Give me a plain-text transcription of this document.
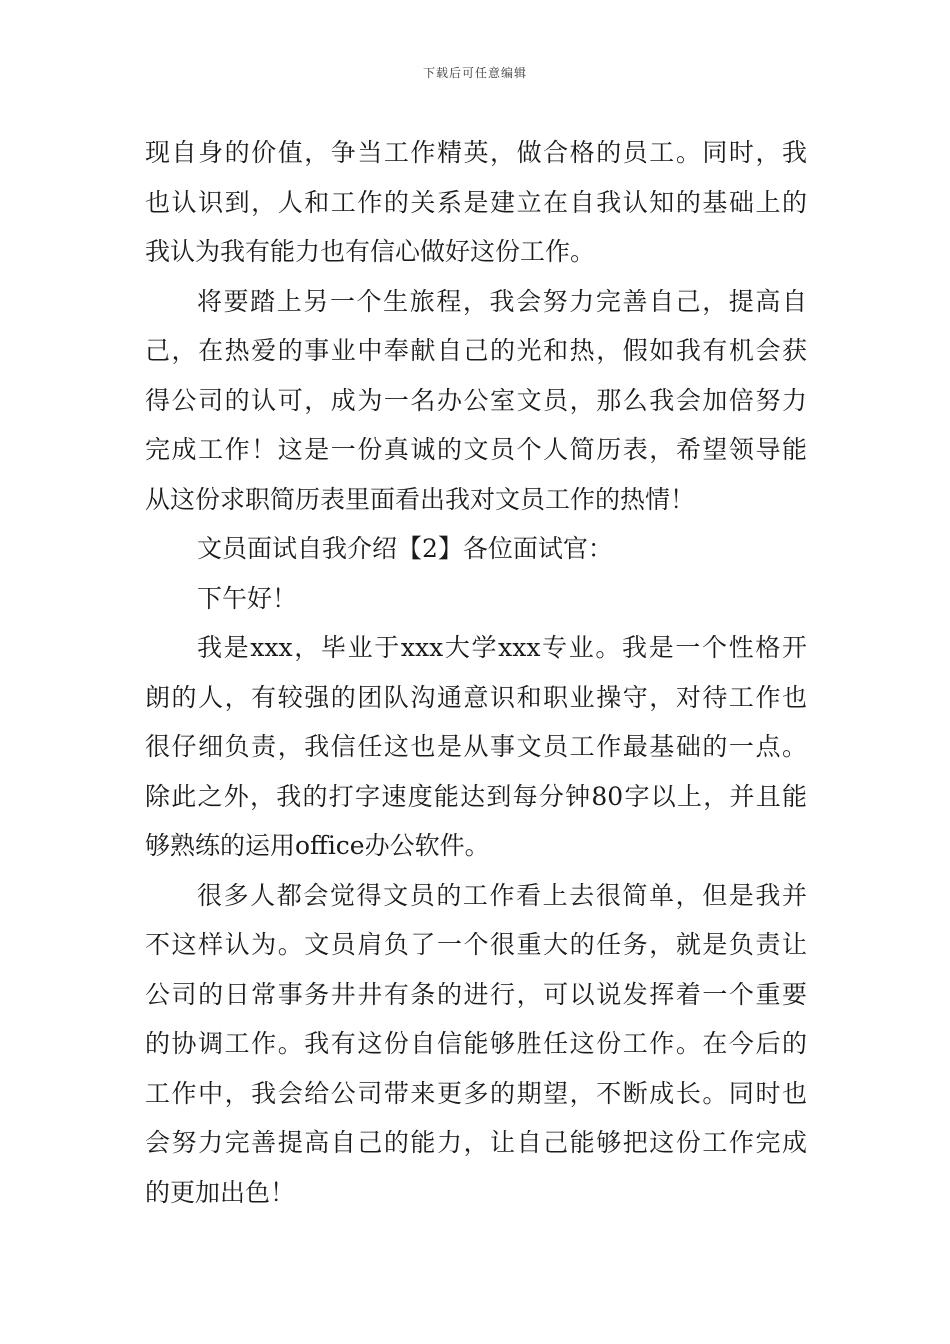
下载后可任意编辑
现自身的价值，争当工作精英，做合格的员工。同时，我
也认识到，人和工作的关系是建立在自我认知的基础上的
我认为我有能力也有信心做好这份工作。
将要踏上另一个生旅程，我会努力完善自己，提高自
己，在热爱的事业中奉献自己的光和热，假如我有机会获
得公司的认可，成为一名办公室文员，那么我会加倍努力
完成工作！这是一份真诚的文员个人简历表，希望领导能
从这份求职简历表里面看出我对文员工作的热情！
文员面试自我介绍【2】各位面试官：
下午好！
我是xxx，毕业于xxx大学xxx专业。我是一个性格开
朗的人，有较强的团队沟通意识和职业操守，对待工作也
很仔细负责，我信任这也是从事文员工作最基础的一点。
除此之外，我的打字速度能达到每分钟80字以上，并且能
够熟练的运用office办公软件。
很多人都会觉得文员的工作看上去很简单，但是我并
不这样认为。文员肩负了一个很重大的任务，就是负责让
公司的日常事务井井有条的进行，可以说发挥着一个重要
的协调工作。我有这份自信能够胜任这份工作。在今后的
工作中，我会给公司带来更多的期望，不断成长。同时也
会努力完善提高自己的能力，让自己能够把这份工作完成
的更加出色！
